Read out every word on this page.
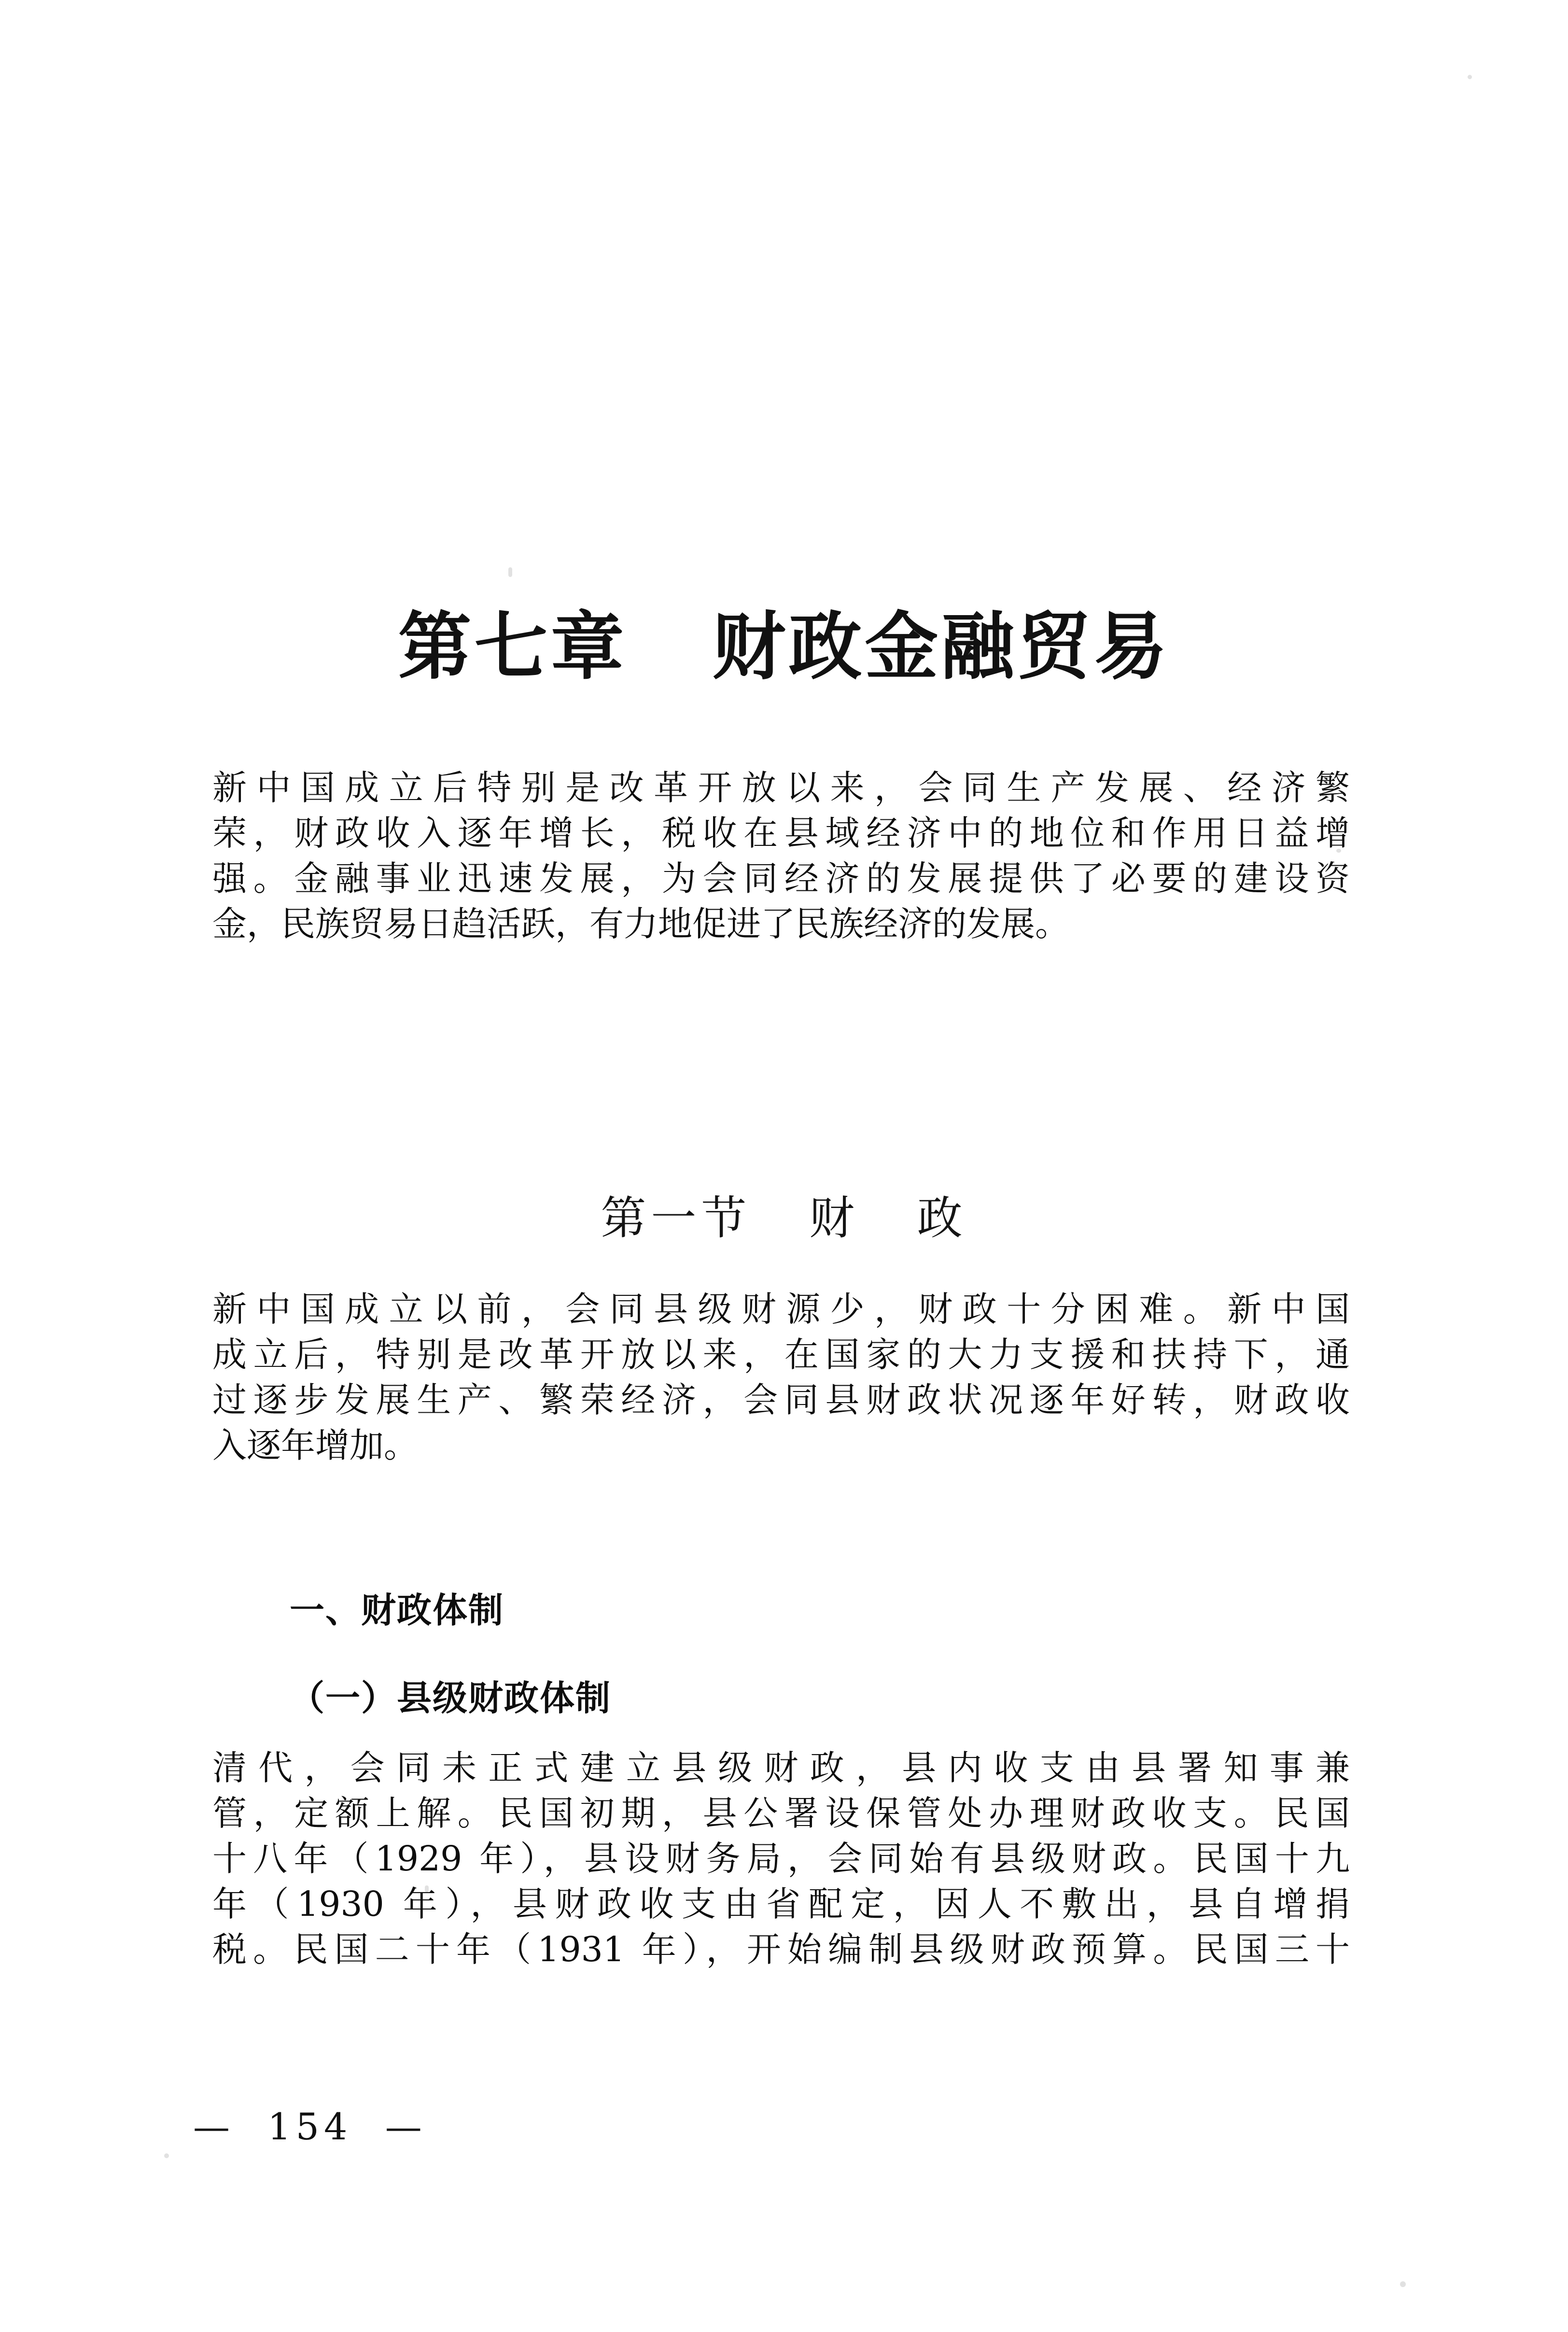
第七章   财政金融贸易
新中国成立后特别是改革开放以来，会同生产发展、经济繁
荣，财政收入逐年增长，税收在县域经济中的地位和作用日益增
强。金融事业迅速发展，为会同经济的发展提供了必要的建设资
金，民族贸易日趋活跃，有力地促进了民族经济的发展。
第一节   财   政
新中国成立以前，会同县级财源少，财政十分困难。新中国
成立后，特别是改革开放以来，在国家的大力支援和扶持下，通
过逐步发展生产、繁荣经济，会同县财政状况逐年好转，财政收
入逐年增加。
一、财政体制
（一）县级财政体制
清代，会同未正式建立县级财政，县内收支由县署知事兼
管，定额上解。民国初期，县公署设保管处办理财政收支。民国
十八年（1929 年），县设财务局，会同始有县级财政。民国十九
年（1930 年），县财政收支由省配定，因人不敷出，县自增捐
税。民国二十年（1931 年），开始编制县级财政预算。民国三十
—  154  —
